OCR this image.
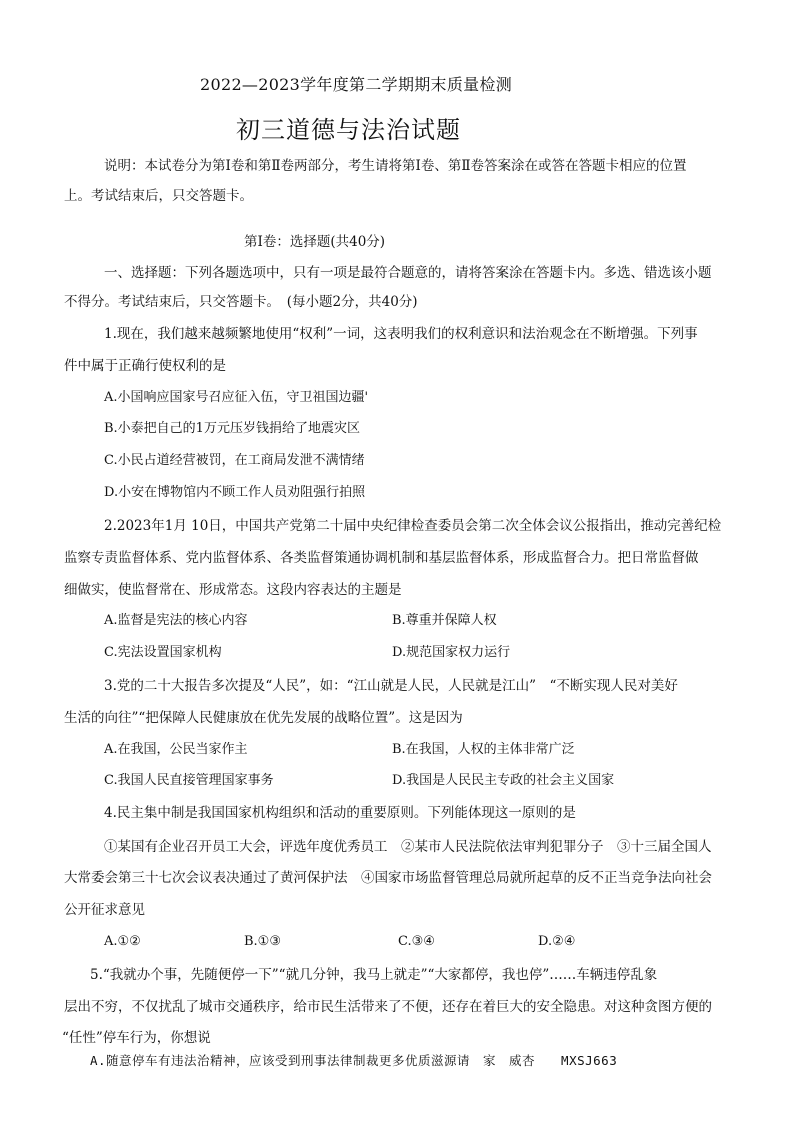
2022—2023学年度第二学期期末质量检测
初三道德与法治试题
说明：本试卷分为第Ⅰ卷和第Ⅱ卷两部分，考生请将第Ⅰ卷、第Ⅱ卷答案涂在或答在答题卡相应的位置
上。考试结束后，只交答题卡。
第Ⅰ卷：选择题(共40分)
一、选择题：下列各题选项中，只有一项是最符合题意的，请将答案涂在答题卡内。多选、错选该小题
不得分。考试结束后，只交答题卡。　(每小题2分，共40分)
1.现在，我们越来越频繁地使用“权利”一词，这表明我们的权利意识和法治观念在不断增强。下列事
件中属于正确行使权利的是
A.小国响应国家号召应征入伍，守卫祖国边疆'
B.小泰把自己的1万元压岁钱捐给了地震灾区
C.小民占道经营被罚，在工商局发泄不满情绪
D.小安在博物馆内不顾工作人员劝阻强行拍照
2.2023年1月 10日，中国共产党第二十届中央纪律检查委员会第二次全体会议公报指出，推动完善纪检
监察专责监督体系、党内监督体系、各类监督策通协调机制和基层监督体系，形成监督合力。把日常监督做
细做实，使监督常在、形成常态。这段内容表达的主题是
A.监督是宪法的核心内容	B.尊重并保障人权
C.宪法设置国家机构	D.规范国家权力运行
3.党的二十大报告多次提及“人民”，如：“江山就是人民，人民就是江山”　“不断实现人民对美好
生活的向往”“把保障人民健康放在优先发展的战略位置”。这是因为
A.在我国，公民当家作主	B.在我国，人权的主体非常广泛
C.我国人民直接管理国家事务	D.我国是人民民主专政的社会主义国家
4.民主集中制是我国国家机构组织和活动的重要原则。下列能体现这一原则的是
①某国有企业召开员工大会，评选年度优秀员工　②某市人民法院依法审判犯罪分子　③十三届全国人
大常委会第三十七次会议表决通过了黄河保护法　④国家市场监督管理总局就所起草的反不正当竞争法向社会
公开征求意见
A.①②	B.①③	C.③④	D.②④
5.“我就办个事，先随便停一下”“就几分钟，我马上就走”“大家都停，我也停”……车辆违停乱象
层出不穷，不仅扰乱了城市交通秩序，给市民生活带来了不便，还存在着巨大的安全隐患。对这种贪图方便的
“任性”停车行为，你想说
A.随意停车有违法治精神，应该受到刑事法律制裁更多优质滋源请　家　威杏　　MXSJ663
